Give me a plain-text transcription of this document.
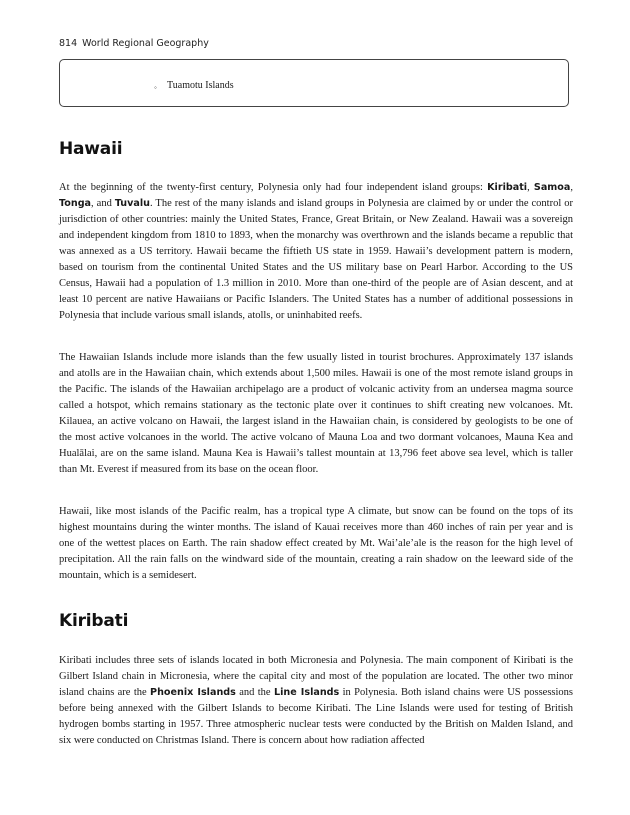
814 World Regional Geography
◦ Tuamotu Islands
Hawaii

At the beginning of the twenty-first century, Polynesia only had four independent island groups: Kiribati, Samoa, Tonga, and Tuvalu. The rest of the many islands and island groups in Polynesia are claimed by or under the control or jurisdiction of other countries: mainly the United States, France, Great Britain, or New Zealand. Hawaii was a sovereign and independent kingdom from 1810 to 1893, when the monarchy was overthrown and the islands became a republic that was annexed as a US territory. Hawaii became the fiftieth US state in 1959. Hawaii’s development pattern is modern, based on tourism from the continental United States and the US military base on Pearl Harbor. According to the US Census, Hawaii had a population of 1.3 million in 2010. More than one-third of the people are of Asian descent, and at least 10 percent are native Hawaiians or Pacific Islanders. The United States has a number of additional possessions in Polynesia that include various small islands, atolls, or uninhabited reefs.

The Hawaiian Islands include more islands than the few usually listed in tourist brochures. Approximately 137 islands and atolls are in the Hawaiian chain, which extends about 1,500 miles. Hawaii is one of the most remote island groups in the Pacific. The islands of the Hawaiian archipelago are a product of volcanic activity from an undersea magma source called a hotspot, which remains stationary as the tectonic plate over it continues to shift creating new volcanoes. Mt. Kilauea, an active volcano on Hawaii, the largest island in the Hawaiian chain, is considered by geologists to be one of the most active volcanoes in the world. The active volcano of Mauna Loa and two dormant volcanoes, Mauna Kea and Hualālai, are on the same island. Mauna Kea is Hawaii’s tallest mountain at 13,796 feet above sea level, which is taller than Mt. Everest if measured from its base on the ocean floor.

Hawaii, like most islands of the Pacific realm, has a tropical type A climate, but snow can be found on the tops of its highest mountains during the winter months. The island of Kauai receives more than 460 inches of rain per year and is one of the wettest places on Earth. The rain shadow effect created by Mt. Wai’ale’ale is the reason for the high level of precipitation. All the rain falls on the windward side of the mountain, creating a rain shadow on the leeward side of the mountain, which is a semidesert.

Kiribati

Kiribati includes three sets of islands located in both Micronesia and Polynesia. The main component of Kiribati is the Gilbert Island chain in Micronesia, where the capital city and most of the population are located. The other two minor island chains are the Phoenix Islands and the Line Islands in Polynesia. Both island chains were US possessions before being annexed with the Gilbert Islands to become Kiribati. The Line Islands were used for testing of British hydrogen bombs starting in 1957. Three atmospheric nuclear tests were conducted by the British on Malden Island, and six were conducted on Christmas Island. There is concern about how radiation affected
